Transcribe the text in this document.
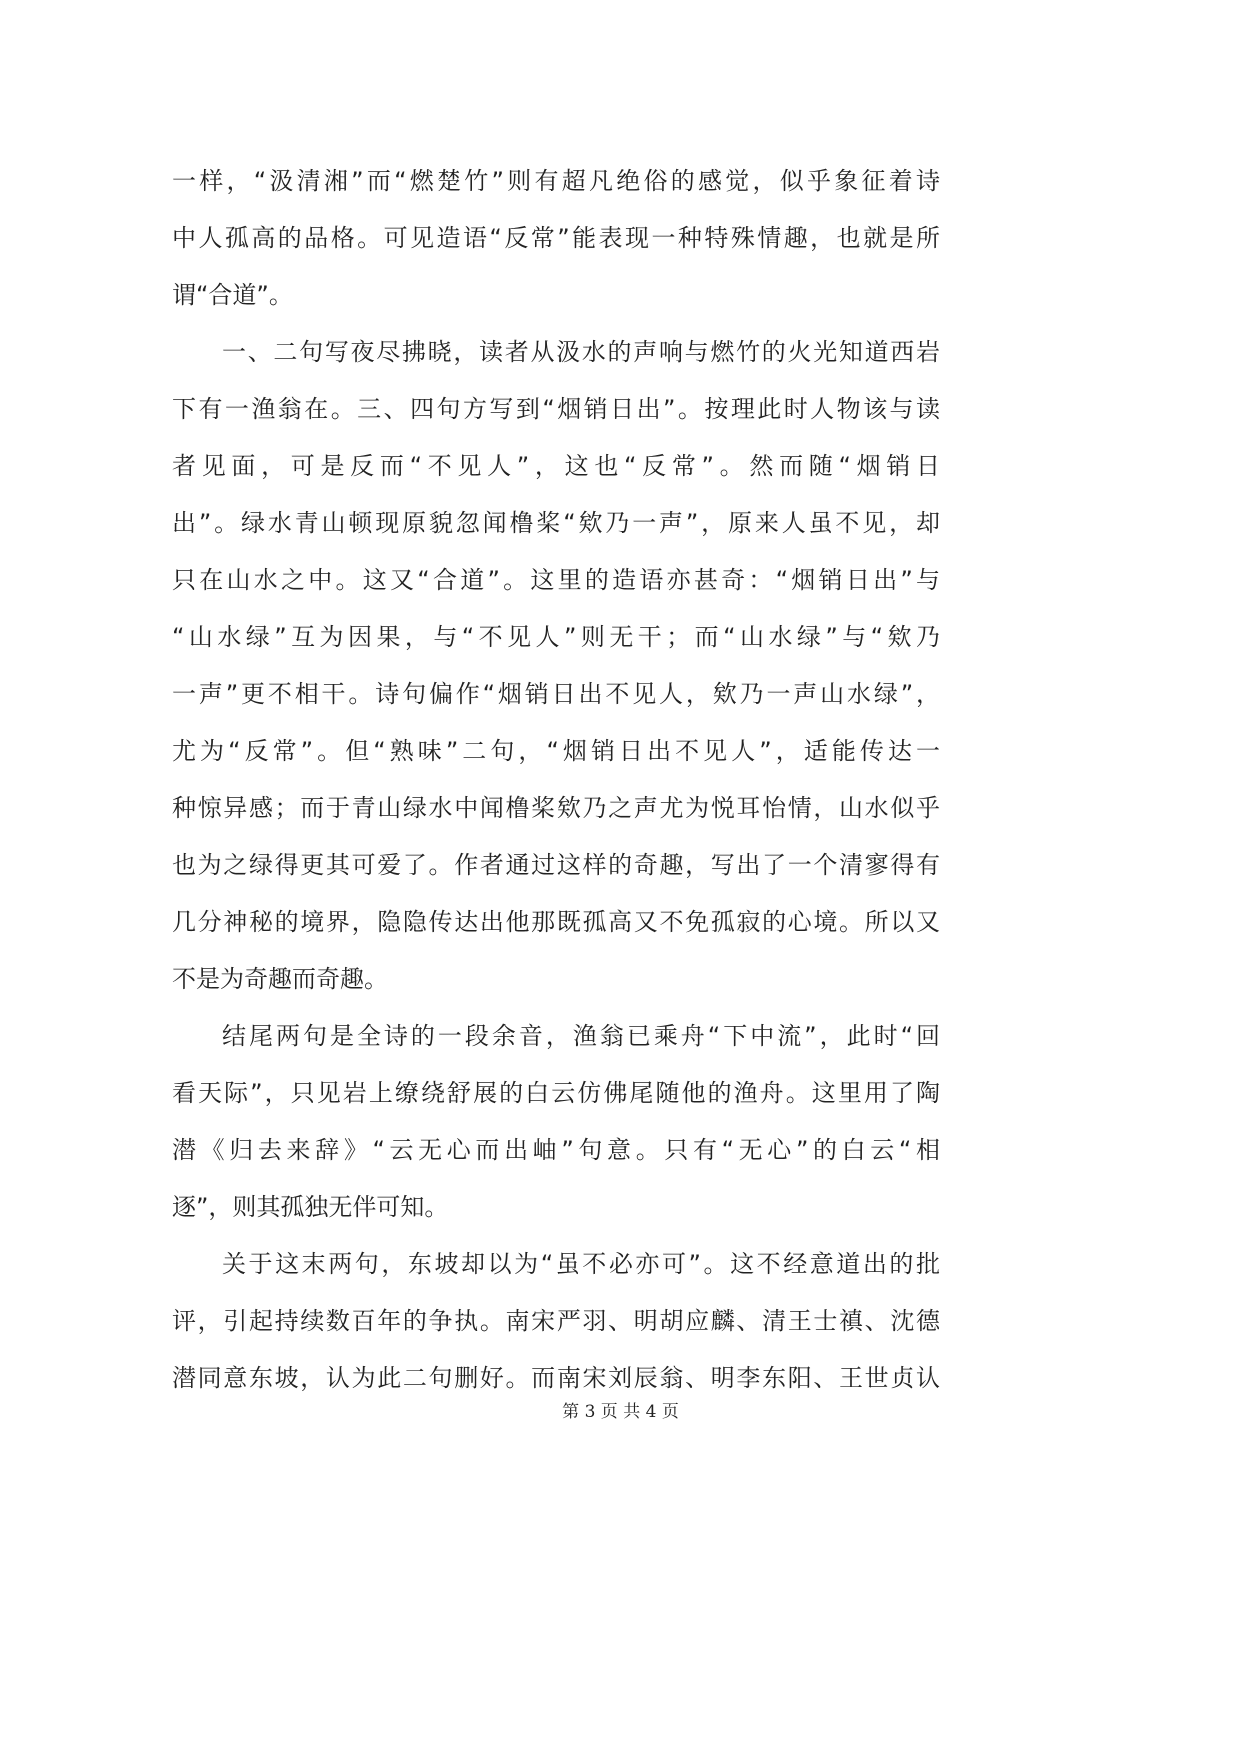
一样，“汲清湘”而“燃楚竹”则有超凡绝俗的感觉，似乎象征着诗
中人孤高的品格。可见造语“反常”能表现一种特殊情趣，也就是所
谓“合道”。
一、二句写夜尽拂晓，读者从汲水的声响与燃竹的火光知道西岩
下有一渔翁在。三、四句方写到“烟销日出”。按理此时人物该与读
者见面，可是反而“不见人”，这也“反常”。然而随“烟销日
出”。绿水青山顿现原貌忽闻橹桨“欸乃一声”，原来人虽不见，却
只在山水之中。这又“合道”。这里的造语亦甚奇：“烟销日出”与
“山水绿”互为因果，与“不见人”则无干；而“山水绿”与“欸乃
一声”更不相干。诗句偏作“烟销日出不见人，欸乃一声山水绿”，
尤为“反常”。但“熟味”二句，“烟销日出不见人”，适能传达一
种惊异感；而于青山绿水中闻橹桨欸乃之声尤为悦耳怡情，山水似乎
也为之绿得更其可爱了。作者通过这样的奇趣，写出了一个清寥得有
几分神秘的境界，隐隐传达出他那既孤高又不免孤寂的心境。所以又
不是为奇趣而奇趣。
结尾两句是全诗的一段余音，渔翁已乘舟“下中流”，此时“回
看天际”，只见岩上缭绕舒展的白云仿佛尾随他的渔舟。这里用了陶
潜《归去来辞》“云无心而出岫”句意。只有“无心”的白云“相
逐”，则其孤独无伴可知。
关于这末两句，东坡却以为“虽不必亦可”。这不经意道出的批
评，引起持续数百年的争执。南宋严羽、明胡应麟、清王士禛、沈德
潜同意东坡，认为此二句删好。而南宋刘辰翁、明李东阳、王世贞认
第 3 页 共 4 页
